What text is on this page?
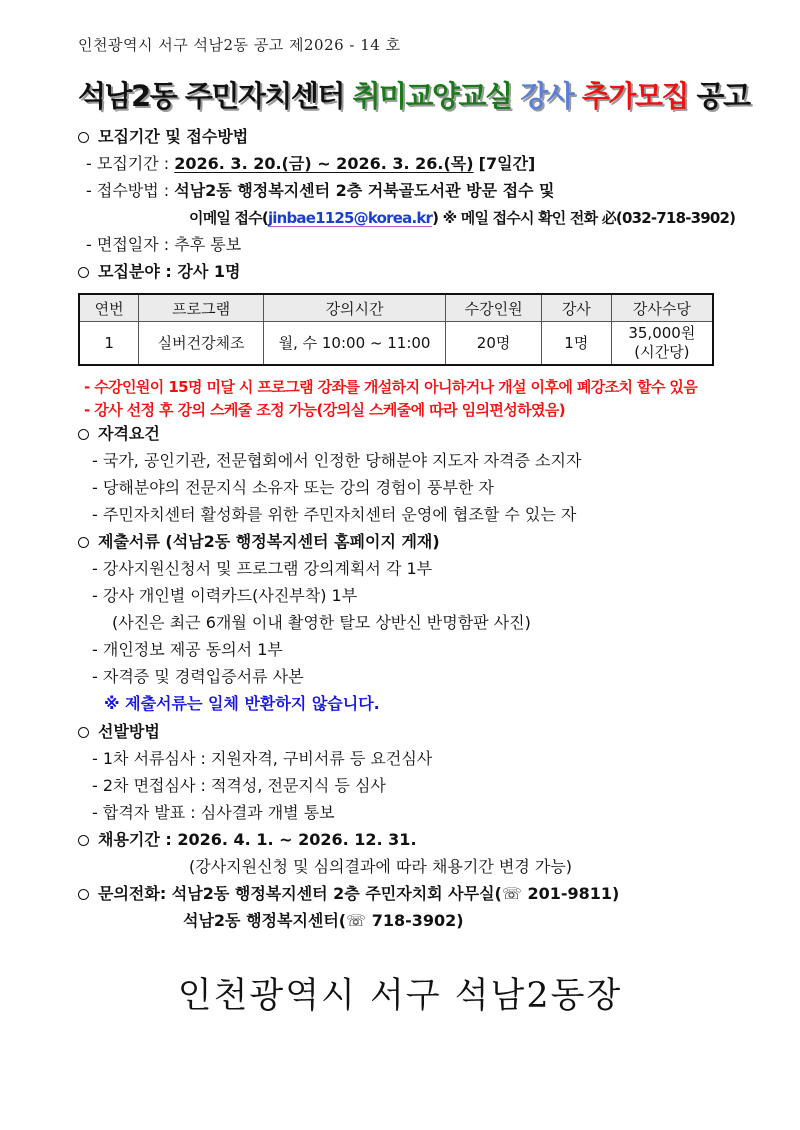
인천광역시 서구 석남2동 공고 제2026 - 14 호
석남2동 주민자치센터 취미교양교실 강사 추가모집 공고
모집기간 및 접수방법
- 모집기간 : 2026. 3. 20.(금) ~ 2026. 3. 26.(목) [7일간]
- 접수방법 : 석남2동 행정복지센터 2층 거북골도서관 방문 접수 및
이메일 접수(jinbae1125@korea.kr) ※ 메일 접수시 확인 전화 必(032-718-3902)
- 면접일자 : 추후 통보
모집분야 : 강사 1명
연번	프로그램	강의시간	수강인원	강사	강사수당
1	실버건강체조	월, 수 10:00 ~ 11:00	20명	1명	35,000원
(시간당)
- 수강인원이 15명 미달 시 프로그램 강좌를 개설하지 아니하거나 개설 이후에 폐강조치 할수 있음
- 강사 선정 후 강의 스케줄 조정 가능(강의실 스케줄에 따라 임의편성하였음)
자격요건
- 국가, 공인기관, 전문협회에서 인정한 당해분야 지도자 자격증 소지자
- 당해분야의 전문지식 소유자 또는 강의 경험이 풍부한 자
- 주민자치센터 활성화를 위한 주민자치센터 운영에 협조할 수 있는 자
제출서류 (석남2동 행정복지센터 홈페이지 게재)
- 강사지원신청서 및 프로그램 강의계획서 각 1부
- 강사 개인별 이력카드(사진부착) 1부
(사진은 최근 6개월 이내 촬영한 탈모 상반신 반명함판 사진)
- 개인정보 제공 동의서 1부
- 자격증 및 경력입증서류 사본
※ 제출서류는 일체 반환하지 않습니다.
선발방법
- 1차 서류심사 : 지원자격, 구비서류 등 요건심사
- 2차 면접심사 : 적격성, 전문지식 등 심사
- 합격자 발표 : 심사결과 개별 통보
채용기간 : 2026. 4. 1. ~ 2026. 12. 31.
(강사지원신청 및 심의결과에 따라 채용기간 변경 가능)
문의전화: 석남2동 행정복지센터 2층 주민자치회 사무실(☏ 201-9811)
석남2동 행정복지센터(☏ 718-3902)
인천광역시 서구 석남2동장
